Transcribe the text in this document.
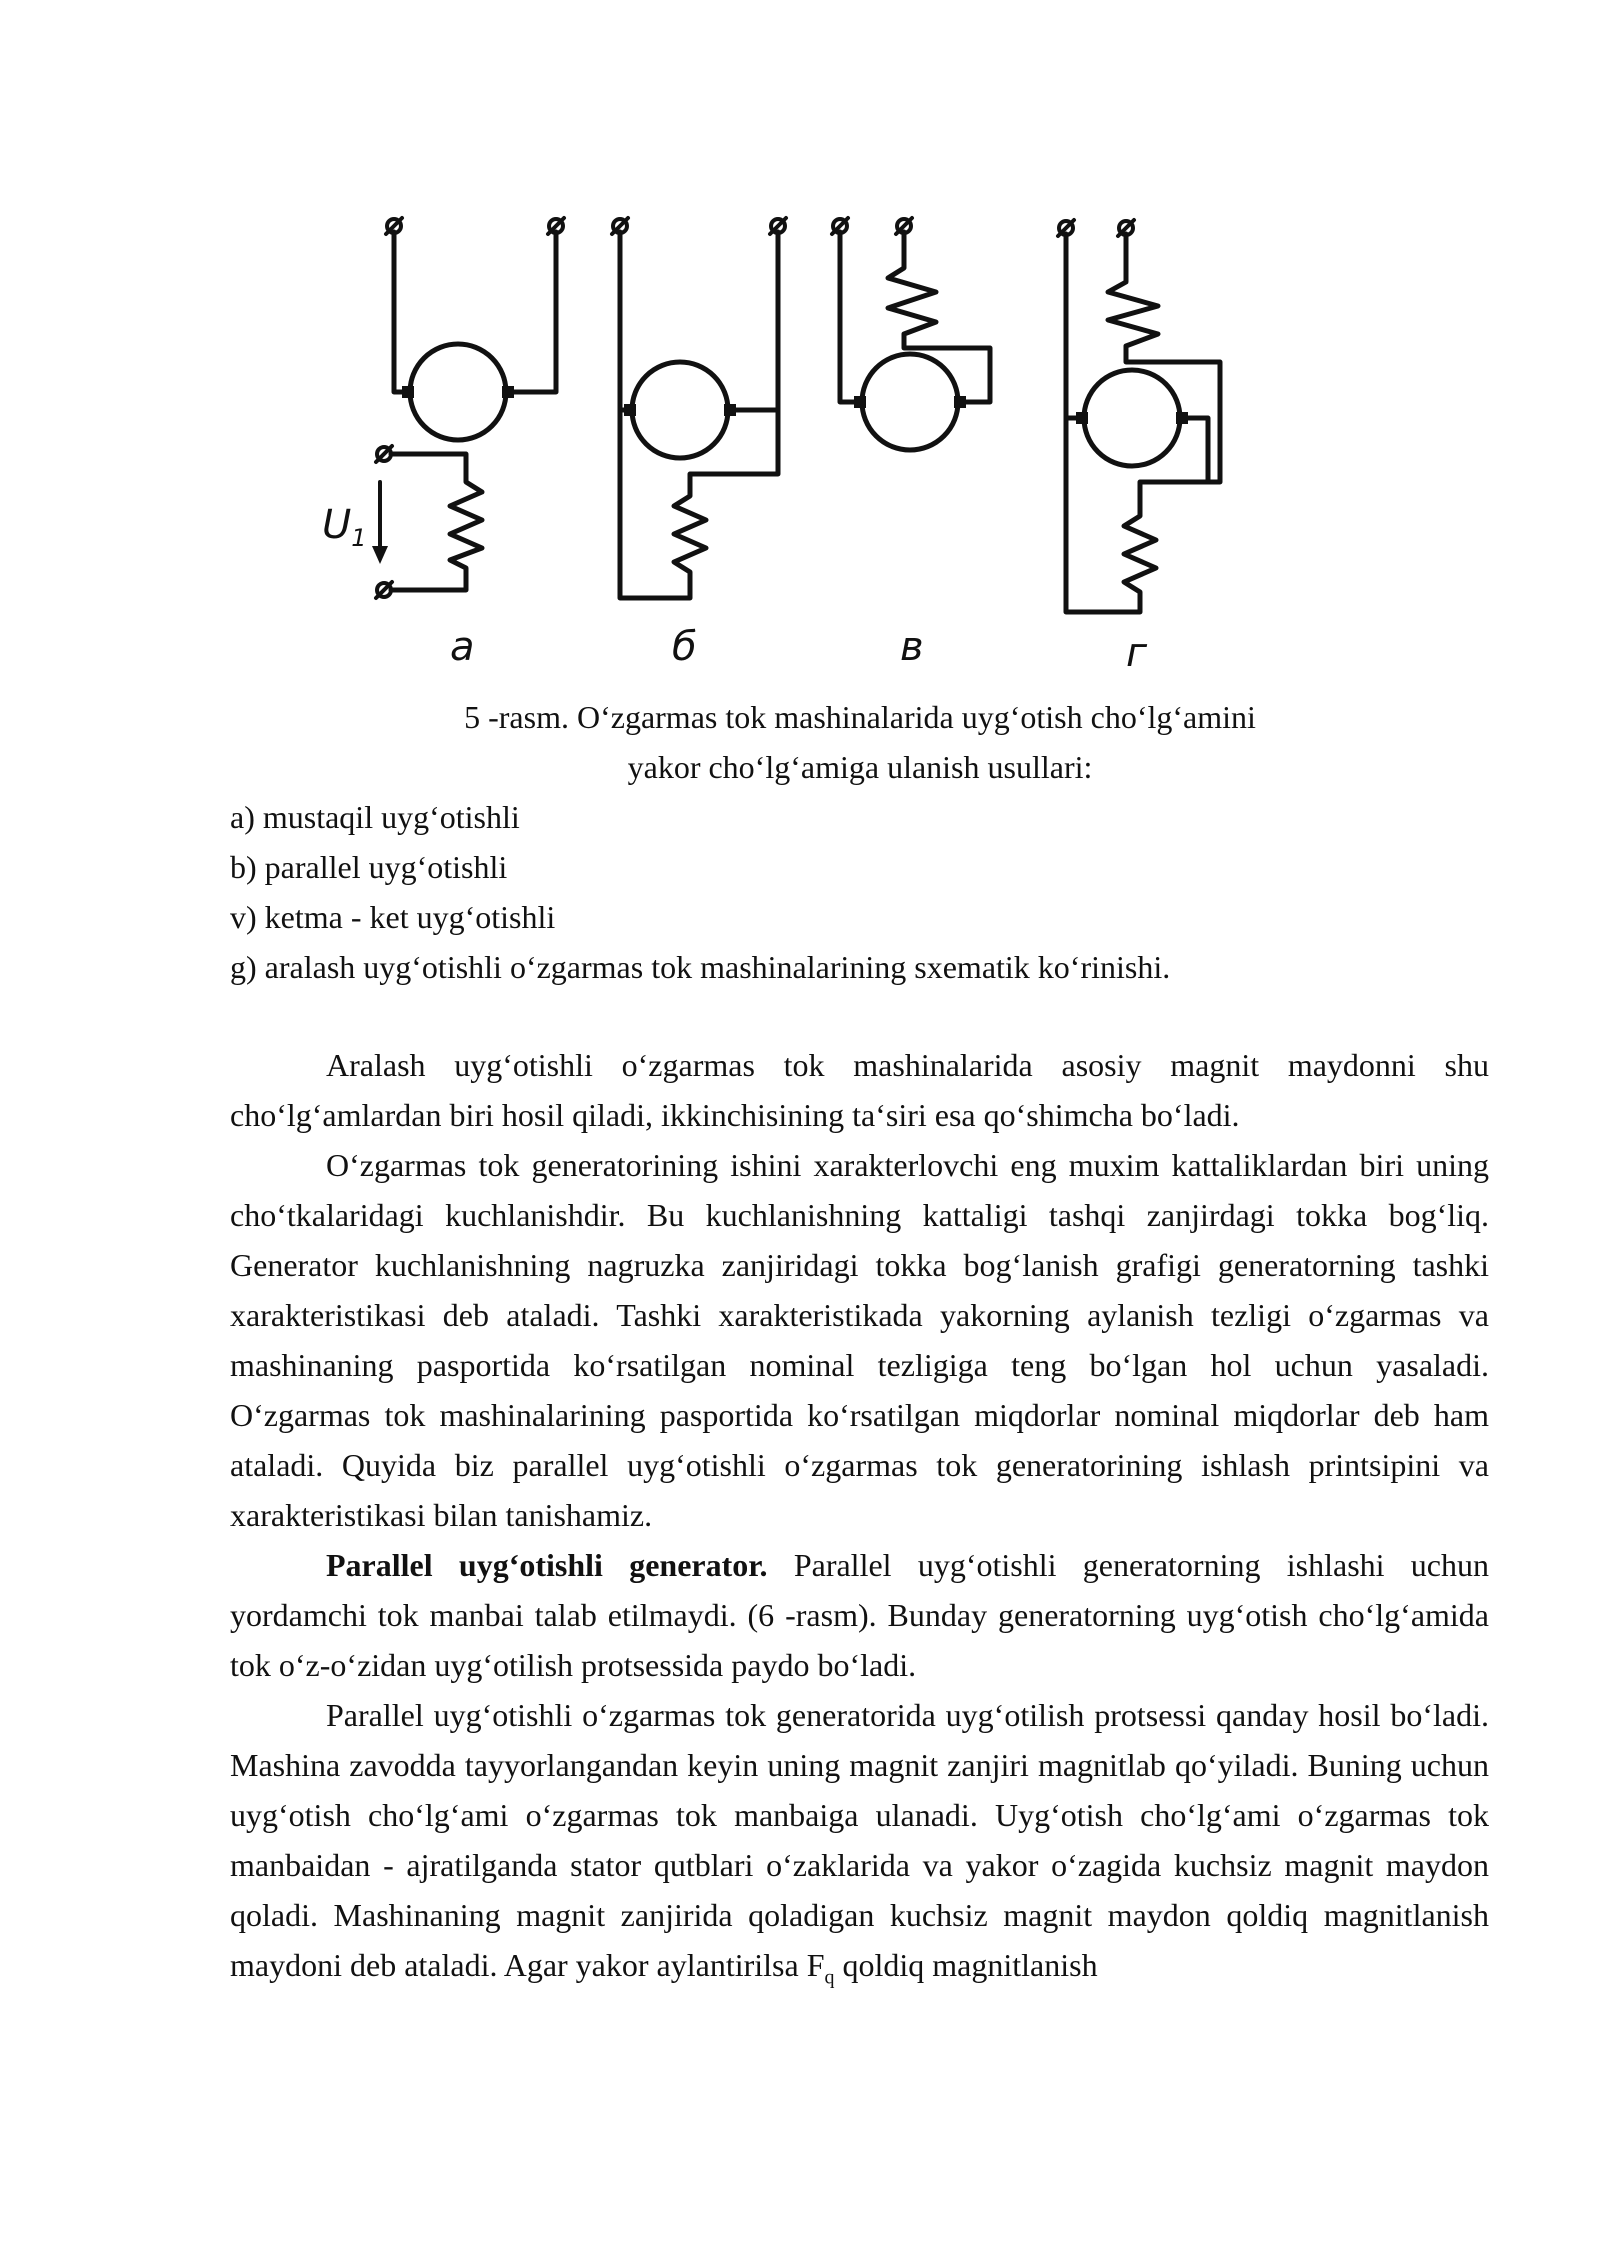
$U_1$
a	б	в	г
5 -rasm. O‘zgarmas tok mashinalarida uyg‘otish cho‘lg‘amini
yakor cho‘lg‘amiga ulanish usullari:
a) mustaqil uyg‘otishli
b) parallel uyg‘otishli
v) ketma - ket uyg‘otishli
g) aralash uyg‘otishli o‘zgarmas tok mashinalarining sxematik ko‘rinishi.

Aralash uyg‘otishli o‘zgarmas tok mashinalarida asosiy magnit maydonni shu cho‘lg‘amlardan biri hosil qiladi, ikkinchisining ta‘siri esa qo‘shimcha bo‘ladi.

O‘zgarmas tok generatorining ishini xarakterlovchi eng muxim kattaliklardan biri uning cho‘tkalaridagi kuchlanishdir. Bu kuchlanishning kattaligi tashqi zanjirdagi tokka bog‘liq. Generator kuchlanishning nagruzka zanjiridagi tokka bog‘lanish grafigi generatorning tashki xarakteristikasi deb ataladi. Tashki xarakteristikada yakorning aylanish tezligi o‘zgarmas va mashinaning pasportida ko‘rsatilgan nominal tezligiga teng bo‘lgan hol uchun yasaladi. O‘zgarmas tok mashinalarining pasportida ko‘rsatilgan miqdorlar nominal miqdorlar deb ham ataladi. Quyida biz parallel uyg‘otishli o‘zgarmas tok generatorining ishlash printsipini va xarakteristikasi bilan tanishamiz.

Parallel uyg‘otishli generator. Parallel uyg‘otishli generatorning ishlashi uchun yordamchi tok manbai talab etilmaydi. (6 -rasm). Bunday generatorning uyg‘otish cho‘lg‘amida tok o‘z-o‘zidan uyg‘otilish protsessida paydo bo‘ladi.

Parallel uyg‘otishli o‘zgarmas tok generatorida uyg‘otilish protsessi qanday hosil bo‘ladi. Mashina zavodda tayyorlangandan keyin uning magnit zanjiri magnitlab qo‘yiladi. Buning uchun uyg‘otish cho‘lg‘ami o‘zgarmas tok manbaiga ulanadi. Uyg‘otish cho‘lg‘ami o‘zgarmas tok manbaidan - ajratilganda stator qutblari o‘zaklarida va yakor o‘zagida kuchsiz magnit maydon qoladi. Mashinaning magnit zanjirida qoladigan kuchsiz magnit maydon qoldiq magnitlanish maydoni deb ataladi. Agar yakor aylantirilsa $F_q$ qoldiq magnitlanish
